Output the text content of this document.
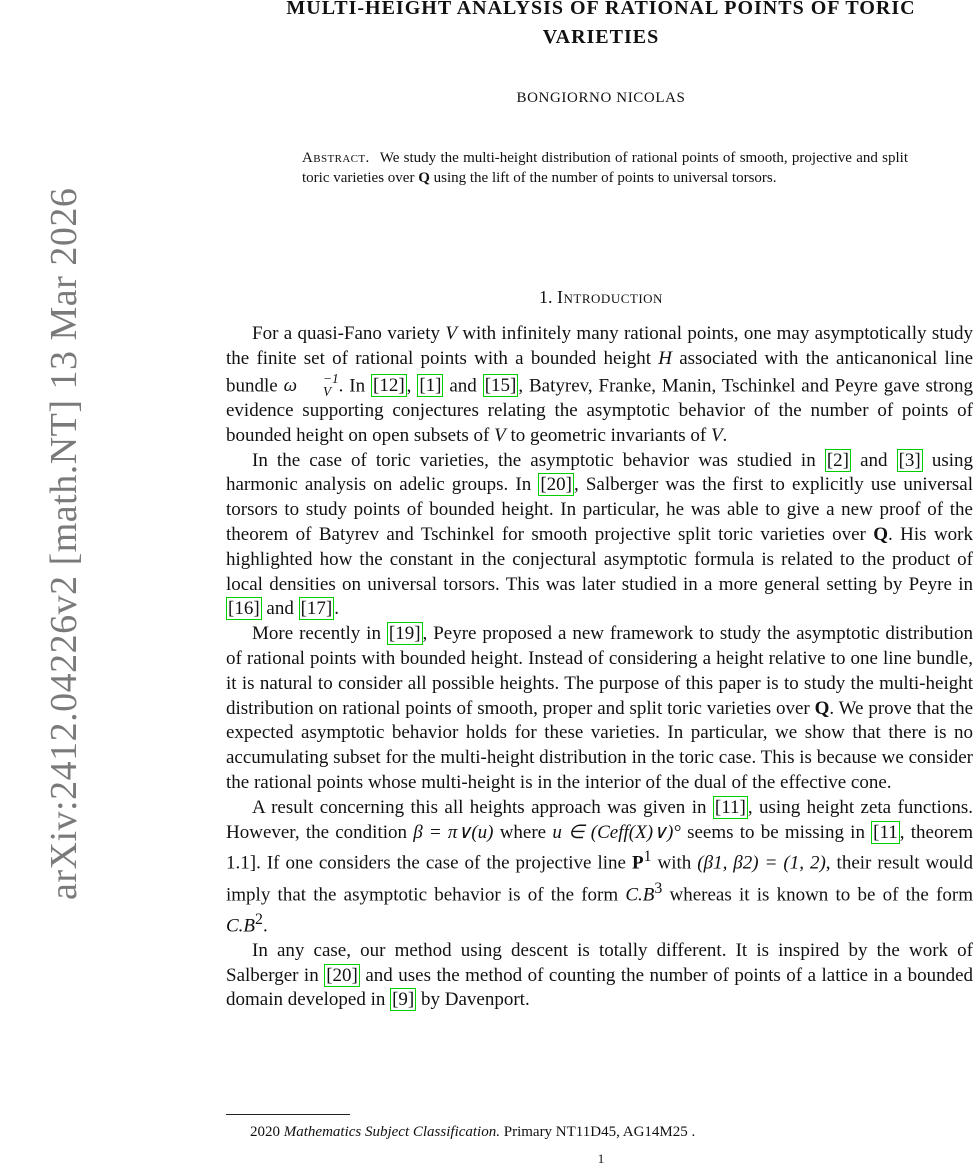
arXiv:2412.04226v2 [math.NT] 13 Mar 2026
MULTI-HEIGHT ANALYSIS OF RATIONAL POINTS OF TORIC
VARIETIES
BONGIORNO NICOLAS
Abstract. We study the multi-height distribution of rational points of smooth, projective and split toric varieties over Q using the lift of the number of points to universal torsors.
1. Introduction

For a quasi-Fano variety V with infinitely many rational points, one may asymptotically study the finite set of rational points with a bounded height H associated with the anticanonical line bundle ω	−1
V . In [12] , [1] and [15] , Batyrev, Franke, Manin, Tschinkel and Peyre gave strong evidence supporting conjectures relating the asymptotic behavior of the number of points of bounded height on open subsets of V to geometric invariants of V.

In the case of toric varieties, the asymptotic behavior was studied in [2] and [3] using harmonic analysis on adelic groups. In [20] , Salberger was the first to explicitly use universal torsors to study points of bounded height. In particular, he was able to give a new proof of the theorem of Batyrev and Tschinkel for smooth projective split toric varieties over Q. His work highlighted how the constant in the conjectural asymptotic formula is related to the product of local densities on universal torsors. This was later studied in a more general setting by Peyre in [16] and [17] .

More recently in [19] , Peyre proposed a new framework to study the asymptotic distribution of rational points with bounded height. Instead of considering a height relative to one line bundle, it is natural to consider all possible heights. The purpose of this paper is to study the multi-height distribution on rational points of smooth, proper and split toric varieties over Q. We prove that the expected asymptotic behavior holds for these varieties. In particular, we show that there is no accumulating subset for the multi-height distribution in the toric case. This is because we consider the rational points whose multi-height is in the interior of the dual of the effective cone.

A result concerning this all heights approach was given in [11] , using height zeta functions. However, the condition β = π∨(u) where u ∈ (Ceff(X)∨)° seems to be missing in [11 , theorem 1.1]. If one considers the case of the projective line $P^1$ with (β1, β2) = (1, 2), their result would imply that the asymptotic behavior is of the form $C.B^3$ whereas it is known to be of the form $C.B^2$.

In any case, our method using descent is totally different. It is inspired by the work of Salberger in [20] and uses the method of counting the number of points of a lattice in a bounded domain developed in [9] by Davenport.

2020 Mathematics Subject Classification. Primary NT11D45, AG14M25 .
1
